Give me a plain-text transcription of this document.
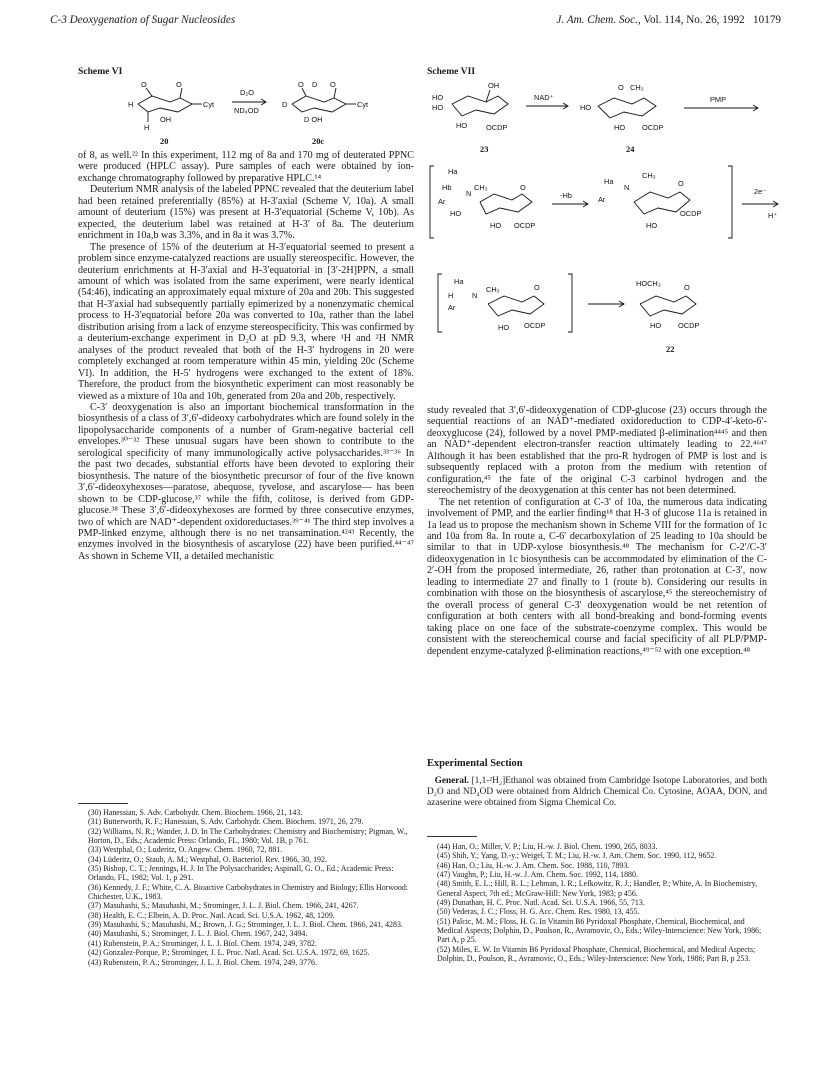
C-3 Deoxygenation of Sugar Nucleosides	J. Am. Chem. Soc., Vol. 114, No. 26, 1992 10179
Scheme VI
O
H
O
H
OH
Cyt
20
D₂O
ND₄OD
O
D
O D
D OH
Cyt
20c
Scheme VII
OH
HO
HO
HO	OCDP
23
NAD⁺
O CH₃
HO
HO OCDP
24
PMP
Ha
Hb
Ar
N
CH₃	O
HO
HO OCDP
-Hb
Ha
Ar
N
CH₃
O
HO
OCDP
2e⁻
H⁺
Ha
H
Ar
N
CH₃	O
HO OCDP
HOCH₃	O
HO OCDP
22

of 8, as well.²² In this experiment, 112 mg of 8a and 170 mg of deuterated PPNC were produced (HPLC assay). Pure samples of each were obtained by ion-exchange chromatography followed by preparative HPLC.¹⁴

Deuterium NMR analysis of the labeled PPNC revealed that the deuterium label had been retained preferentially (85%) at H-3′axial (Scheme V, 10a). A small amount of deuterium (15%) was present at H-3′equatorial (Scheme V, 10b). As expected, the deuterium label was retained at H-3′ of 8a. The deuterium enrichment in 10a,b was 3.3%, and in 8a it was 3.7%.

The presence of 15% of the deuterium at H-3′equatorial seemed to present a problem since enzyme-catalyzed reactions are usually stereospecific. However, the deuterium enrichments at H-3′axial and H-3′equatorial in [3′-2H]PPN, a small amount of which was isolated from the same experiment, were nearly identical (54:46), indicating an approximately equal mixture of 20a and 20b. This suggested that H-3′axial had subsequently partially epimerized by a nonenzymatic chemical process to H-3′equatorial before 20a was converted to 10a, rather than the label distribution arising from a lack of enzyme stereospecificity. This was confirmed by a deuterium-exchange experiment in D₂O at pD 9.3, where ¹H and ²H NMR analyses of the product revealed that both of the H-3′ hydrogens in 20 were completely exchanged at room temperature within 45 min, yielding 20c (Scheme VI). In addition, the H-5′ hydrogens were exchanged to the extent of 18%. Therefore, the product from the biosynthetic experiment can most reasonably be viewed as a mixture of 10a and 10b, generated from 20a and 20b, respectively.

C-3′ deoxygenation is also an important biochemical transformation in the biosynthesis of a class of 3′,6′-dideoxy carbohydrates which are found solely in the lipopolysaccharide components of a number of Gram-negative bacterial cell envelopes.³⁰⁻³² These unusual sugars have been shown to contribute to the serological specificity of many immunologically active polysaccharides.³³⁻³⁶ In the past two decades, substantial efforts have been devoted to exploring their biosynthesis. The nature of the biosynthetic precursor of four of the five known 3′,6′-dideoxyhexoses—paratose, abequose, tyvelose, and ascarylose— has been shown to be CDP-glucose,³⁷ while the fifth, colitose, is derived from GDP-glucose.³⁸ These 3′,6′-dideoxyhexoses are formed by three consecutive enzymes, two of which are NAD⁺-dependent oxidoreductases.³⁹⁻⁴¹ The third step involves a PMP-linked enzyme, although there is no net transamination.⁴²⁴³ Recently, the enzymes involved in the biosynthesis of ascarylose (22) have been purified.⁴⁴⁻⁴⁷ As shown in Scheme VII, a detailed mechanistic

study revealed that 3′,6′-dideoxygenation of CDP-glucose (23) occurs through the sequential reactions of an NAD⁺-mediated oxidoreduction to CDP-4′-keto-6′-deoxyglucose (24), followed by a novel PMP-mediated β-elimination⁴⁴⁴⁵ and then an NAD⁺-dependent electron-transfer reaction ultimately leading to 22.⁴⁶⁴⁷ Although it has been established that the pro-R hydrogen of PMP is lost and is subsequently replaced with a proton from the medium with retention of configuration,⁴⁵ the fate of the original C-3 carbinol hydrogen and the stereochemistry of the deoxygenation at this center has not been determined.

The net retention of configuration at C-3′ of 10a, the numerous data indicating involvement of PMP, and the earlier finding¹⁸ that H-3 of glucose 11a is retained in 1a lead us to propose the mechanism shown in Scheme VIII for the formation of 1c and 10a from 8a. In route a, C-6′ decarboxylation of 25 leading to 10a should be similar to that in UDP-xylose biosynthesis.⁴⁸ The mechanism for C-2′/C-3′ dideoxygenation in 1c biosynthesis can be accommodated by elimination of the C-2′-OH from the proposed intermediate, 26, rather than protonation at C-3′, now leading to intermediate 27 and finally to 1 (route b). Considering our results in combination with those on the biosynthesis of ascarylose,⁴⁵ the stereochemistry of the overall process of general C-3′ deoxygenation would be net retention of configuration at both centers with all bond-breaking and bond-forming events taking place on one face of the substrate-coenzyme complex. This would be consistent with the stereochemical course and facial specificity of all PLP/PMP-dependent enzyme-catalyzed β-elimination reactions,⁴⁹⁻⁵² with one exception.⁴⁸

Experimental Section
General. [1,1-²H₂]Ethanol was obtained from Cambridge Isotope Laboratories, and both D₂O and ND₄OD were obtained from Aldrich Chemical Co. Cytosine, AOAA, DON, and azaserine were obtained from Sigma Chemical Co.
(30) Hanessian, S. Adv. Carbohydr. Chem. Biochem. 1966, 21, 143.
(31) Butterworth, R. F.; Hanessian, S. Adv. Carbohydr. Chem. Biochem. 1971, 26, 279.
(32) Williams, N. R.; Wander, J. D. In The Carbohydrates: Chemistry and Biochemistry; Pigman, W., Horton, D., Eds.; Academic Press: Orlando, FL, 1980; Vol. 1B, p 761.
(33) Westphal, O.; Luderitz, O. Angew. Chem. 1960, 72, 881.
(34) Lüderitz, O.; Staub, A. M.; Westphal, O. Bacteriol. Rev. 1966, 30, 192.
(35) Bishop, C. T.; Jennings, H. J. In The Polysaccharides; Aspinall, G. O., Ed.; Academic Press: Orlando, FL, 1982; Vol. 1, p 291.
(36) Kennedy, J. F.; White, C. A. Bioactive Carbohydrates in Chemistry and Biology; Ellis Horwood: Chichester, U.K., 1983.
(37) Masuhashi, S.; Masuhashi, M.; Strominger, J. L. J. Biol. Chem. 1966, 241, 4267.
(38) Health, E. C.; Elbein, A. D. Proc. Natl. Acad. Sci. U.S.A. 1962, 48, 1209.
(39) Masuhashi, S.; Masuhashi, M.; Brown, J. G.; Strominger, J. L. J. Biol. Chem. 1966, 241, 4283.
(40) Masuhashi, S.; Strominger, J. L. J. Biol. Chem. 1967, 242, 3494.
(41) Rubenstein, P. A.; Strominger, J. L. J. Biol. Chem. 1974, 249, 3782.
(42) Gonzalez-Porque, P.; Strominger, J. L. Proc. Natl. Acad. Sci. U.S.A. 1972, 69, 1625.
(43) Rubenstein, P. A.; Strominger, J. L. J. Biol. Chem. 1974, 249, 3776.
(44) Han, O.; Miller, V. P.; Liu, H.-w. J. Biol. Chem. 1990, 265, 8033.
(45) Shih, Y.; Yang, D.-y.; Weigel, T. M.; Liu, H.-w. J. Am. Chem. Soc. 1990, 112, 9652.
(46) Han, O.; Liu, H.-w. J. Am. Chem. Soc. 1988, 110, 7893.
(47) Vaughn, P.; Liu, H.-w. J. Am. Chem. Soc. 1992, 114, 1880.
(48) Smith, E. L.; Hill, R. L.; Lehman, I. R.; Lefkowitz, R. J.; Handler, P.; White, A. In Biochemistry, General Aspect, 7th ed.; McGraw-Hill: New York, 1983; p 456.
(49) Dunathan, H. C. Proc. Natl. Acad. Sci. U.S.A. 1966, 55, 713.
(50) Vederas, J. C.; Floss, H. G. Acc. Chem. Res. 1980, 13, 455.
(51) Palcic, M. M.; Floss, H. G. In Vitamin B6 Pyridoxal Phosphate, Chemical, Biochemical, and Medical Aspects; Dolphin, D., Poulson, R., Avramovic, O., Eds.; Wiley-Interscience: New York, 1986; Part A, p 25.
(52) Miles, E. W. In Vitamin B6 Pyridoxal Phosphate, Chemical, Biochemical, and Medical Aspects; Dolphin, D., Poulson, R., Avramovic, O., Eds.; Wiley-Interscience: New York, 1986; Part B, p 253.
